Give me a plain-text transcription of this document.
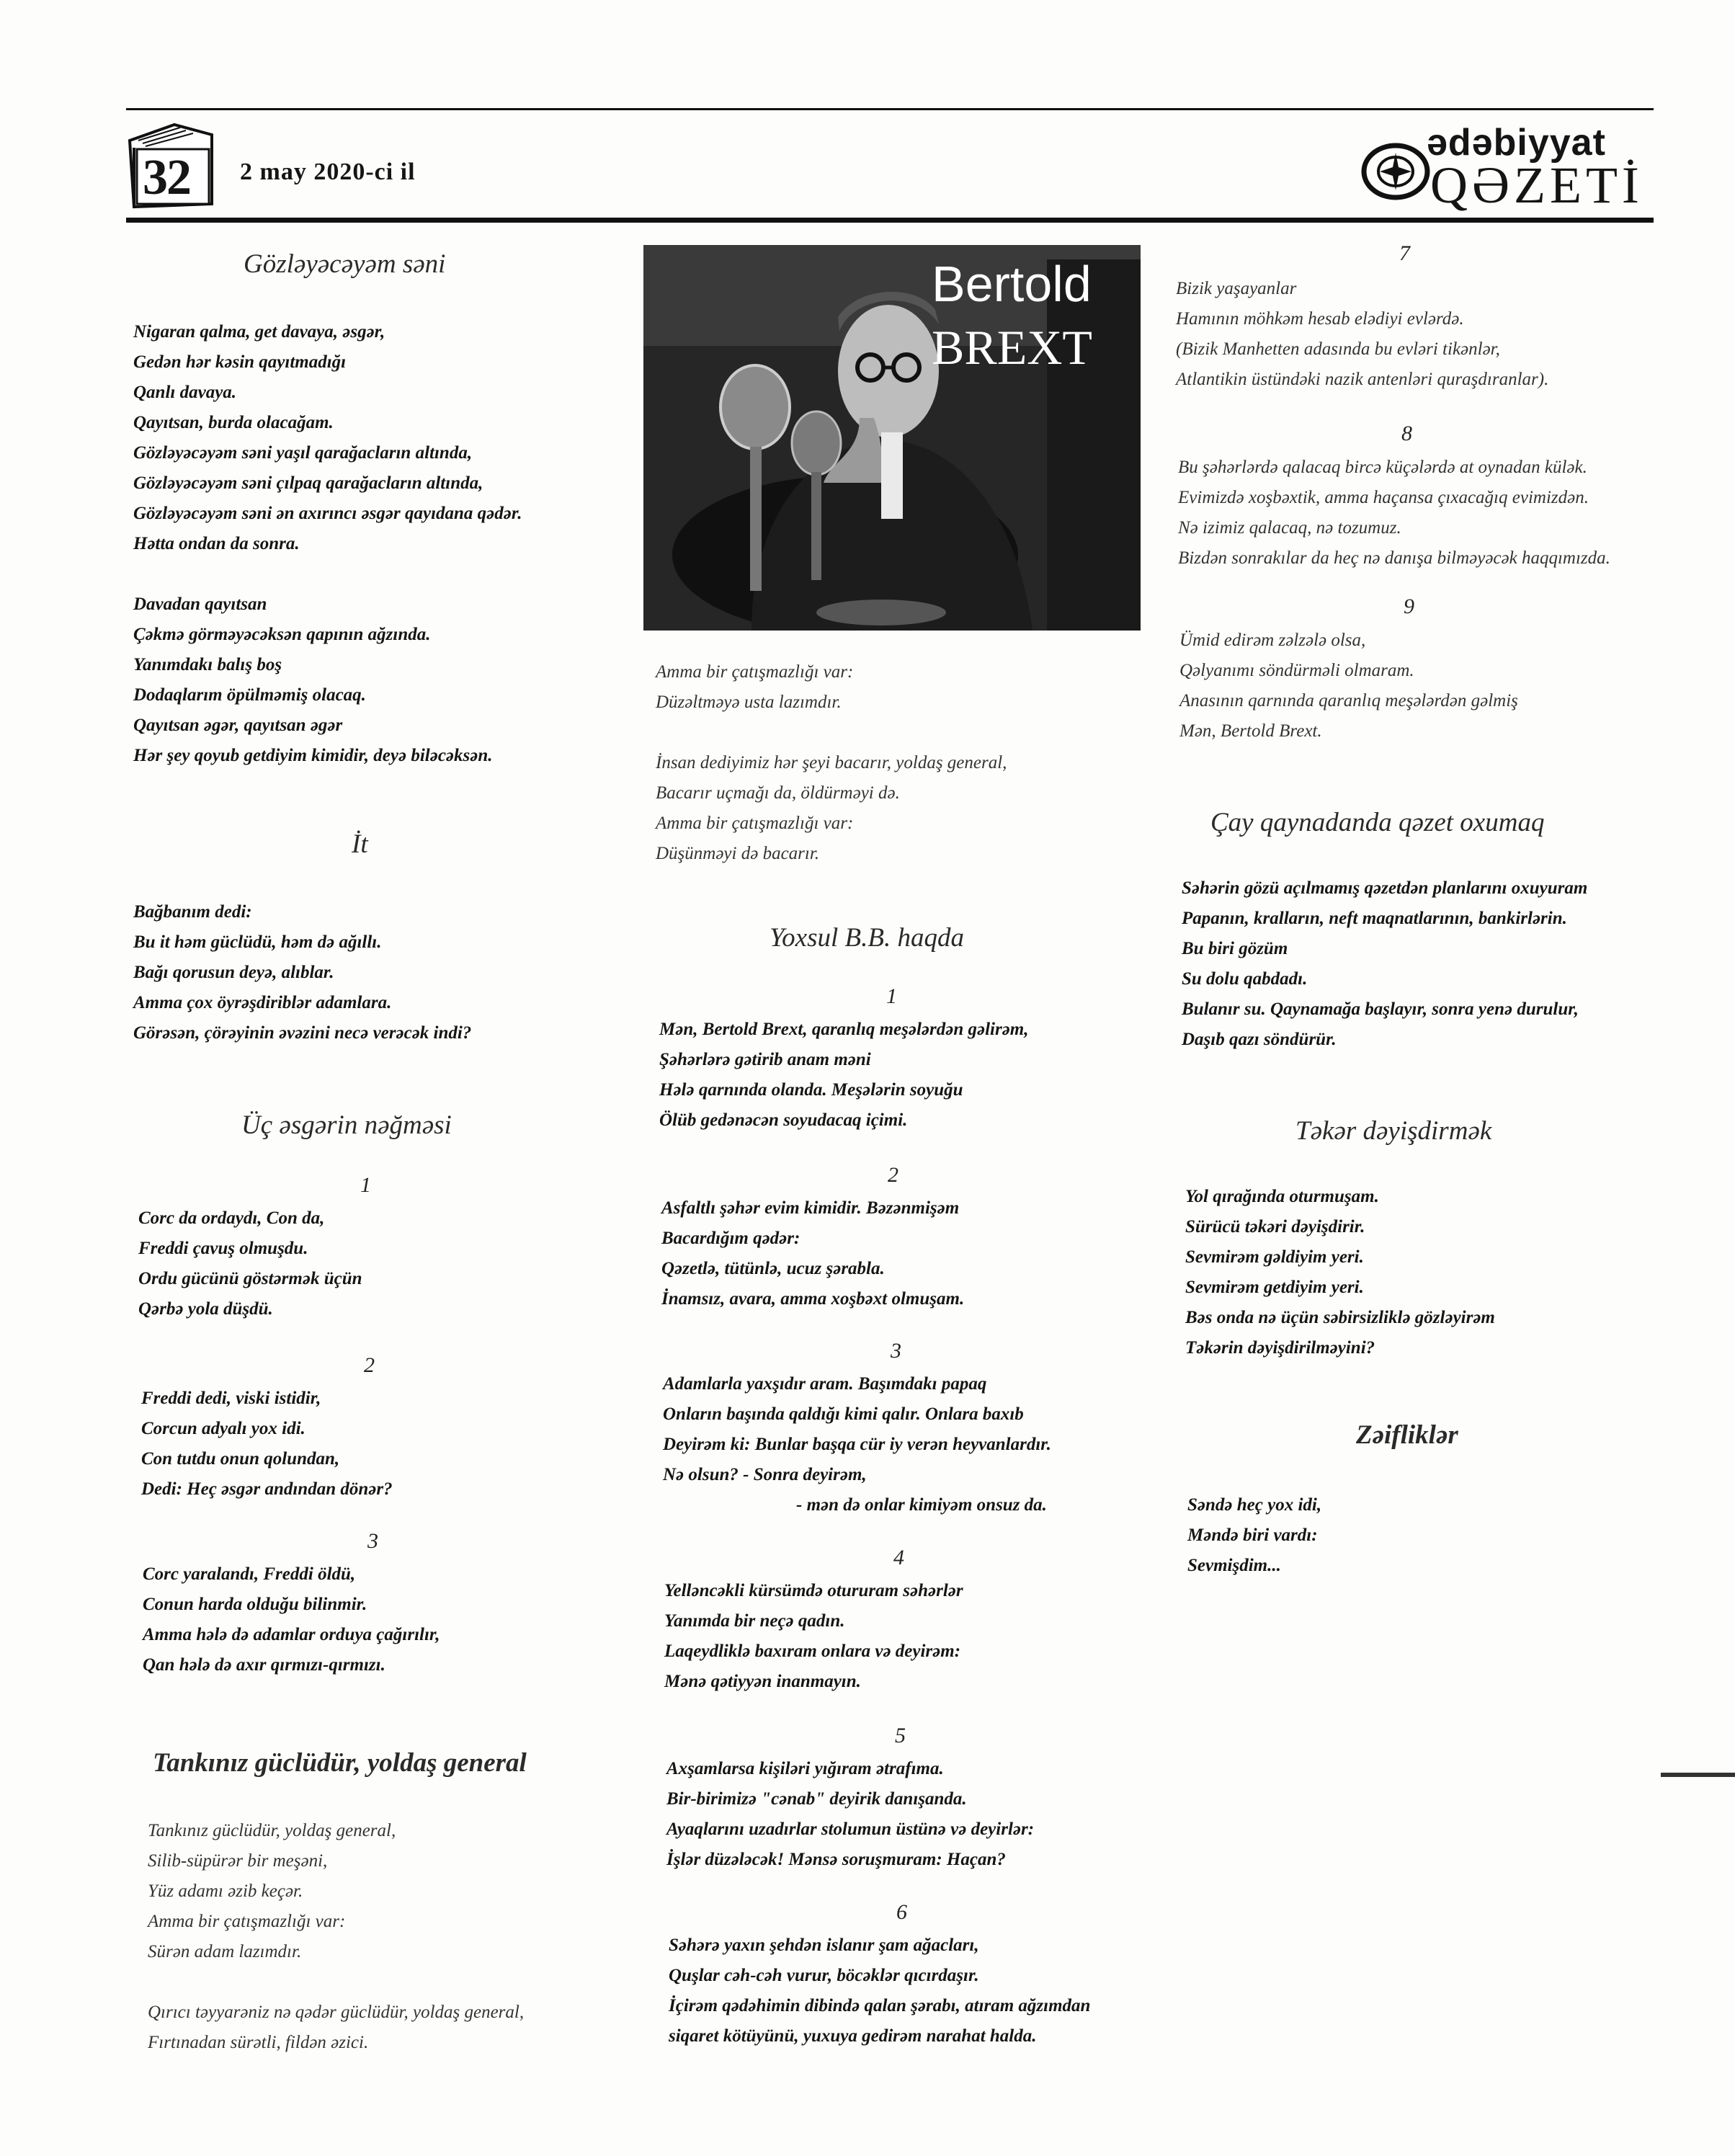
32	2 may 2020-ci il
ədəbiyyat
QƏZETİ
Gözləyəcəyəm səni

Nigaran qalma, get davaya, əsgər,

Gedən hər kəsin qayıtmadığı

Qanlı davaya.

Qayıtsan, burda olacağam.

Gözləyəcəyəm səni yaşıl qarağacların altında,

Gözləyəcəyəm səni çılpaq qarağacların altında,

Gözləyəcəyəm səni ən axırıncı əsgər qayıdana qədər.

Hətta ondan da sonra.

Davadan qayıtsan

Çəkmə görməyəcəksən qapının ağzında.

Yanımdakı balış boş

Dodaqlarım öpülməmiş olacaq.

Qayıtsan əgər, qayıtsan əgər

Hər şey qoyub getdiyim kimidir, deyə biləcəksən.

İt

Bağbanım dedi:

Bu it həm güclüdü, həm də ağıllı.

Bağı qorusun deyə, alıblar.

Amma çox öyrəşdiriblər adamlara.

Görəsən, çörəyinin əvəzini necə verəcək indi?

Üç əsgərin nəğməsi
1

Corc da ordaydı, Con da,

Freddi çavuş olmuşdu.

Ordu gücünü göstərmək üçün

Qərbə yola düşdü.

2

Freddi dedi, viski istidir,

Corcun adyalı yox idi.

Con tutdu onun qolundan,

Dedi: Heç əsgər andından dönər?

3

Corc yaralandı, Freddi öldü,

Conun harda olduğu bilinmir.

Amma hələ də adamlar orduya çağırılır,

Qan hələ də axır qırmızı-qırmızı.

Tankınız güclüdür, yoldaş general

Tankınız güclüdür, yoldaş general,

Silib-süpürər bir meşəni,

Yüz adamı əzib keçər.

Amma bir çatışmazlığı var:

Sürən adam lazımdır.

Qırıcı təyyarəniz nə qədər güclüdür, yoldaş general,

Fırtınadan sürətli, fildən əzici.

Bertold
BREXT

Amma bir çatışmazlığı var:

Düzəltməyə usta lazımdır.

İnsan dediyimiz hər şeyi bacarır, yoldaş general,

Bacarır uçmağı da, öldürməyi də.

Amma bir çatışmazlığı var:

Düşünməyi də bacarır.

Yoxsul B.B. haqda
1

Mən, Bertold Brext, qaranlıq meşələrdən gəlirəm,

Şəhərlərə gətirib anam məni

Hələ qarnında olanda. Meşələrin soyuğu

Ölüb gedənəcən soyudacaq içimi.

2

Asfaltlı şəhər evim kimidir. Bəzənmişəm

Bacardığım qədər:

Qəzetlə, tütünlə, ucuz şərabla.

İnamsız, avara, amma xoşbəxt olmuşam.

3

Adamlarla yaxşıdır aram. Başımdakı papaq

Onların başında qaldığı kimi qalır. Onlara baxıb

Deyirəm ki: Bunlar başqa cür iy verən heyvanlardır.

Nə olsun? - Sonra deyirəm,

- mən də onlar kimiyəm onsuz da.

4

Yelləncəkli kürsümdə otururam səhərlər

Yanımda bir neçə qadın.

Laqeydliklə baxıram onlara və deyirəm:

Mənə qətiyyən inanmayın.

5

Axşamlarsa kişiləri yığıram ətrafıma.

Bir-birimizə "cənab" deyirik danışanda.

Ayaqlarını uzadırlar stolumun üstünə və deyirlər:

İşlər düzələcək! Mənsə soruşmuram: Haçan?

6

Səhərə yaxın şehdən islanır şam ağacları,

Quşlar cəh-cəh vurur, böcəklər qıcırdaşır.

İçirəm qədəhimin dibində qalan şərabı, atıram ağzımdan

siqaret kötüyünü, yuxuya gedirəm narahat halda.

7

Bizik yaşayanlar

Hamının möhkəm hesab elədiyi evlərdə.

(Bizik Manhetten adasında bu evləri tikənlər,

Atlantikin üstündəki nazik antenləri quraşdıranlar).

8

Bu şəhərlərdə qalacaq bircə küçələrdə at oynadan külək.

Evimizdə xoşbəxtik, amma haçansa çıxacağıq evimizdən.

Nə izimiz qalacaq, nə tozumuz.

Bizdən sonrakılar da heç nə danışa bilməyəcək haqqımızda.

9

Ümid edirəm zəlzələ olsa,

Qəlyanımı söndürməli olmaram.

Anasının qarnında qaranlıq meşələrdən gəlmiş

Mən, Bertold Brext.

Çay qaynadanda qəzet oxumaq

Səhərin gözü açılmamış qəzetdən planlarını oxuyuram

Papanın, kralların, neft maqnatlarının, bankirlərin.

Bu biri gözüm

Su dolu qabdadı.

Bulanır su. Qaynamağa başlayır, sonra yenə durulur,

Daşıb qazı söndürür.

Təkər dəyişdirmək

Yol qırağında oturmuşam.

Sürücü təkəri dəyişdirir.

Sevmirəm gəldiyim yeri.

Sevmirəm getdiyim yeri.

Bəs onda nə üçün səbirsizliklə gözləyirəm

Təkərin dəyişdirilməyini?

Zəifliklər

Səndə heç yox idi,

Məndə biri vardı:

Sevmişdim...
